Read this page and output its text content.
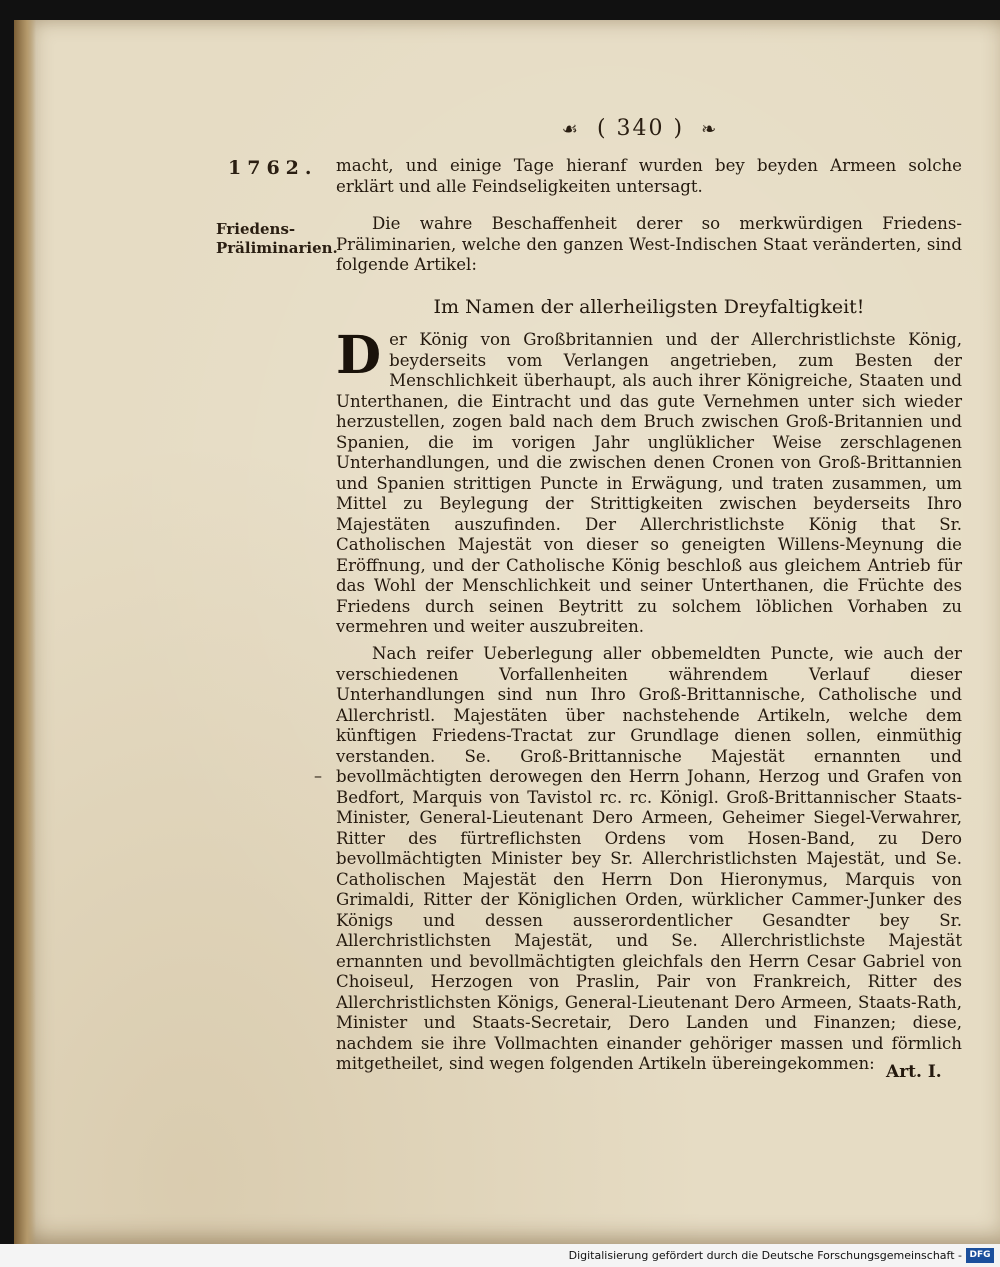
☙ ( 340 ) ❧
1762.
Friedens-Präliminarien.
macht, und einige Tage hieranf wurden bey beyden Armeen solche erklärt und alle Feindseligkeiten untersagt.
Die wahre Beschaffenheit derer so merkwürdigen Friedens-Präliminarien, welche den ganzen West-Indischen Staat veränderten, sind folgende Artikel:
Im Namen der allerheiligsten Dreyfaltigkeit!
Der König von Großbritannien und der Allerchristlichste König, beyderseits vom Verlangen angetrieben, zum Besten der Menschlichkeit überhaupt, als auch ihrer Königreiche, Staaten und Unterthanen, die Eintracht und das gute Vernehmen unter sich wieder herzustellen, zogen bald nach dem Bruch zwischen Groß-Britannien und Spanien, die im vorigen Jahr unglüklicher Weise zerschlagenen Unterhandlungen, und die zwischen denen Cronen von Groß-Brittannien und Spanien strittigen Puncte in Erwägung, und traten zusammen, um Mittel zu Beylegung der Strittigkeiten zwischen beyderseits Ihro Majestäten auszufinden. Der Allerchristlichste König that Sr. Catholischen Majestät von dieser so geneigten Willens-Meynung die Eröffnung, und der Catholische König beschloß aus gleichem Antrieb für das Wohl der Menschlichkeit und seiner Unterthanen, die Früchte des Friedens durch seinen Beytritt zu solchem löblichen Vorhaben zu vermehren und weiter auszubreiten.
–
Nach reifer Ueberlegung aller obbemeldten Puncte, wie auch der verschiedenen Vorfallenheiten währendem Verlauf dieser Unterhandlungen sind nun Ihro Groß-Brittannische, Catholische und Allerchristl. Majestäten über nachstehende Artikeln, welche dem künftigen Friedens-Tractat zur Grundlage dienen sollen, einmüthig verstanden. Se. Groß-Brittannische Majestät ernannten und bevollmächtigten derowegen den Herrn Johann, Herzog und Grafen von Bedfort, Marquis von Tavistol rc. rc. Königl. Groß-Brittannischer Staats-Minister, General-Lieutenant Dero Armeen, Geheimer Siegel-Verwahrer, Ritter des fürtreflichsten Ordens vom Hosen-Band, zu Dero bevollmächtigten Minister bey Sr. Allerchristlichsten Majestät, und Se. Catholischen Majestät den Herrn Don Hieronymus, Marquis von Grimaldi, Ritter der Königlichen Orden, würklicher Cammer-Junker des Königs und dessen ausserordentlicher Gesandter bey Sr. Allerchristlichsten Majestät, und Se. Allerchristlichste Majestät ernannten und bevollmächtigten gleichfals den Herrn Cesar Gabriel von Choiseul, Herzogen von Praslin, Pair von Frankreich, Ritter des Allerchristlichsten Königs, General-Lieutenant Dero Armeen, Staats-Rath, Minister und Staats-Secretair, Dero Landen und Finanzen; diese, nachdem sie ihre Vollmachten einander gehöriger massen und förmlich mitgetheilet, sind wegen folgenden Artikeln übereingekommen: Art. I.
Digitalisierung gefördert durch die Deutsche Forschungsgemeinschaft - DFG
